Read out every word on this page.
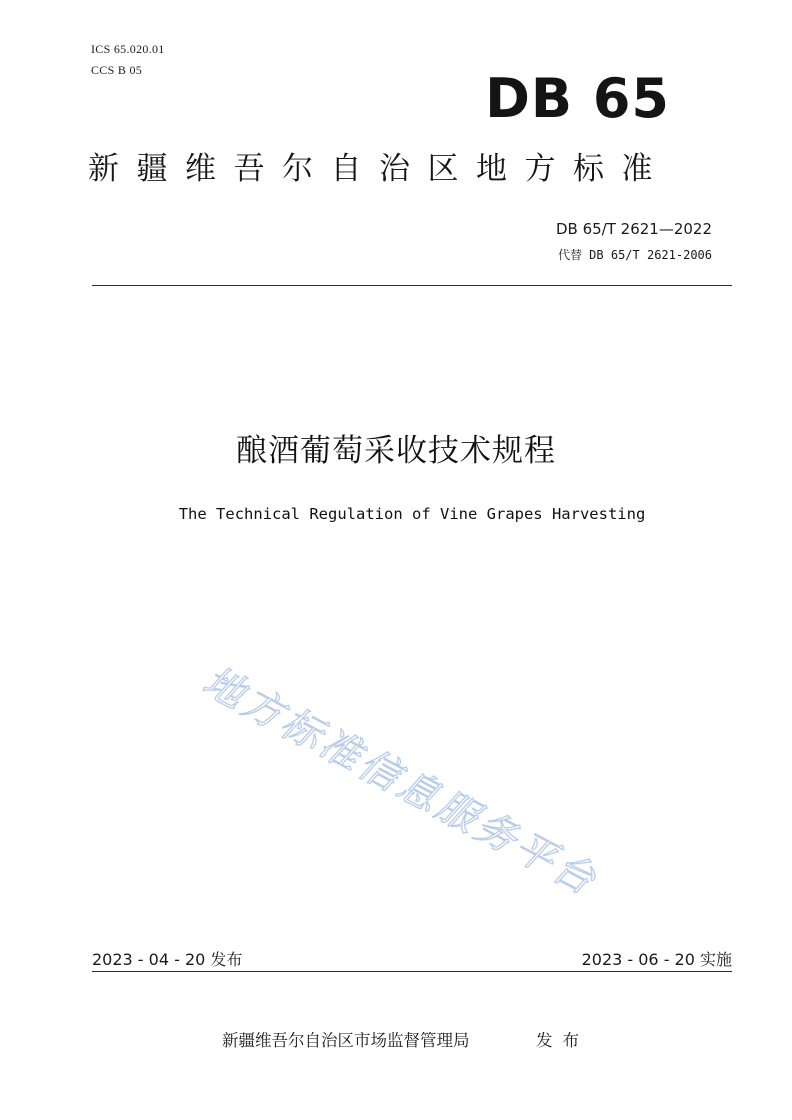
ICS 65.020.01
CCS B 05	DB 65
新疆维吾尔自治区地方标准
DB 65/T 2621—2022
代替 DB 65/T 2621-2006
酿酒葡萄采收技术规程
The Technical Regulation of Vine Grapes Harvesting
地方标准信息服务平台
2023 - 04 - 20 发布	2023 - 06 - 20 实施
新疆维吾尔自治区市场监督管理局	发布
